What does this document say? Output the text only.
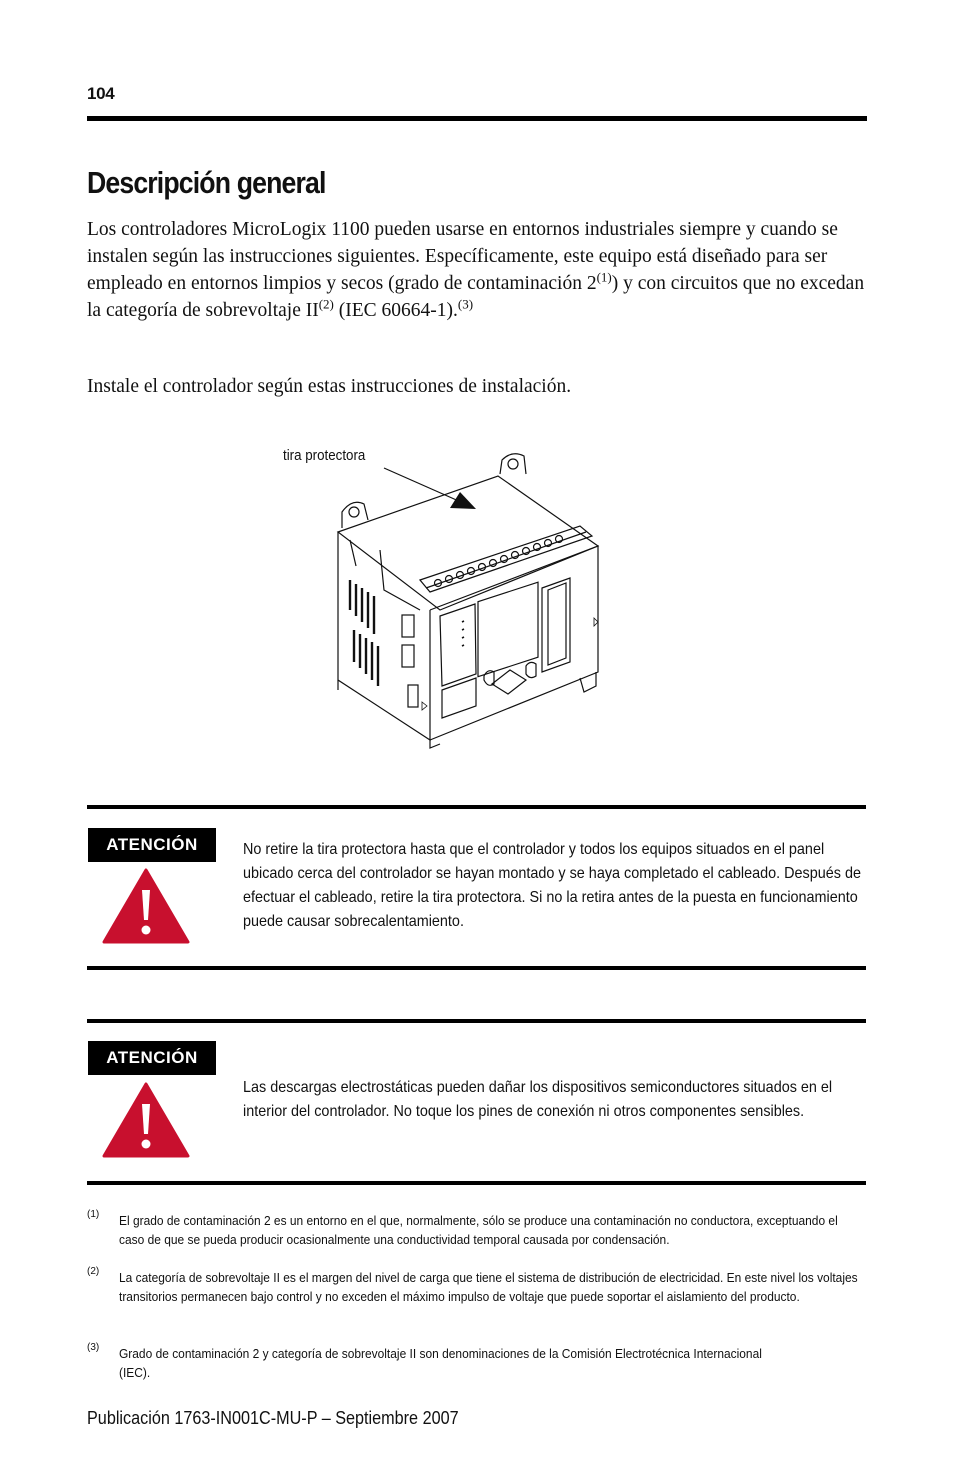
104
Descripción general
Los controladores MicroLogix 1100 pueden usarse en entornos industriales siempre y cuando se instalen según las instrucciones siguientes. Específicamente, este equipo está diseñado para ser empleado en entornos limpios y secos (grado de contaminación 2$^{(1)}$) y con circuitos que no excedan la categoría de sobrevoltaje II$^{(2)}$ (IEC 60664-1).$^{(3)}$
Instale el controlador según estas instrucciones de instalación.
tira protectora
ATENCIÓN	No retire la tira protectora hasta que el controlador y todos los equipos situados en el panel ubicado cerca del controlador se hayan montado y se haya completado el cableado. Después de efectuar el cableado, retire la tira protectora. Si no la retira antes de la puesta en funcionamiento puede causar sobrecalentamiento.
ATENCIÓN
Las descargas electrostáticas pueden dañar los dispositivos semiconductores situados en el interior del controlador. No toque los pines de conexión ni otros componentes sensibles.
(1) El grado de contaminación 2 es un entorno en el que, normalmente, sólo se produce una contaminación no conductora, exceptuando el caso de que se pueda producir ocasionalmente una conductividad temporal causada por condensación.
(2) La categoría de sobrevoltaje II es el margen del nivel de carga que tiene el sistema de distribución de electricidad. En este nivel los voltajes transitorios permanecen bajo control y no exceden el máximo impulso de voltaje que puede soportar el aislamiento del producto.
(3) Grado de contaminación 2 y categoría de sobrevoltaje II son denominaciones de la Comisión Electrotécnica Internacional (IEC).
Publicación 1763-IN001C-MU-P – Septiembre 2007
